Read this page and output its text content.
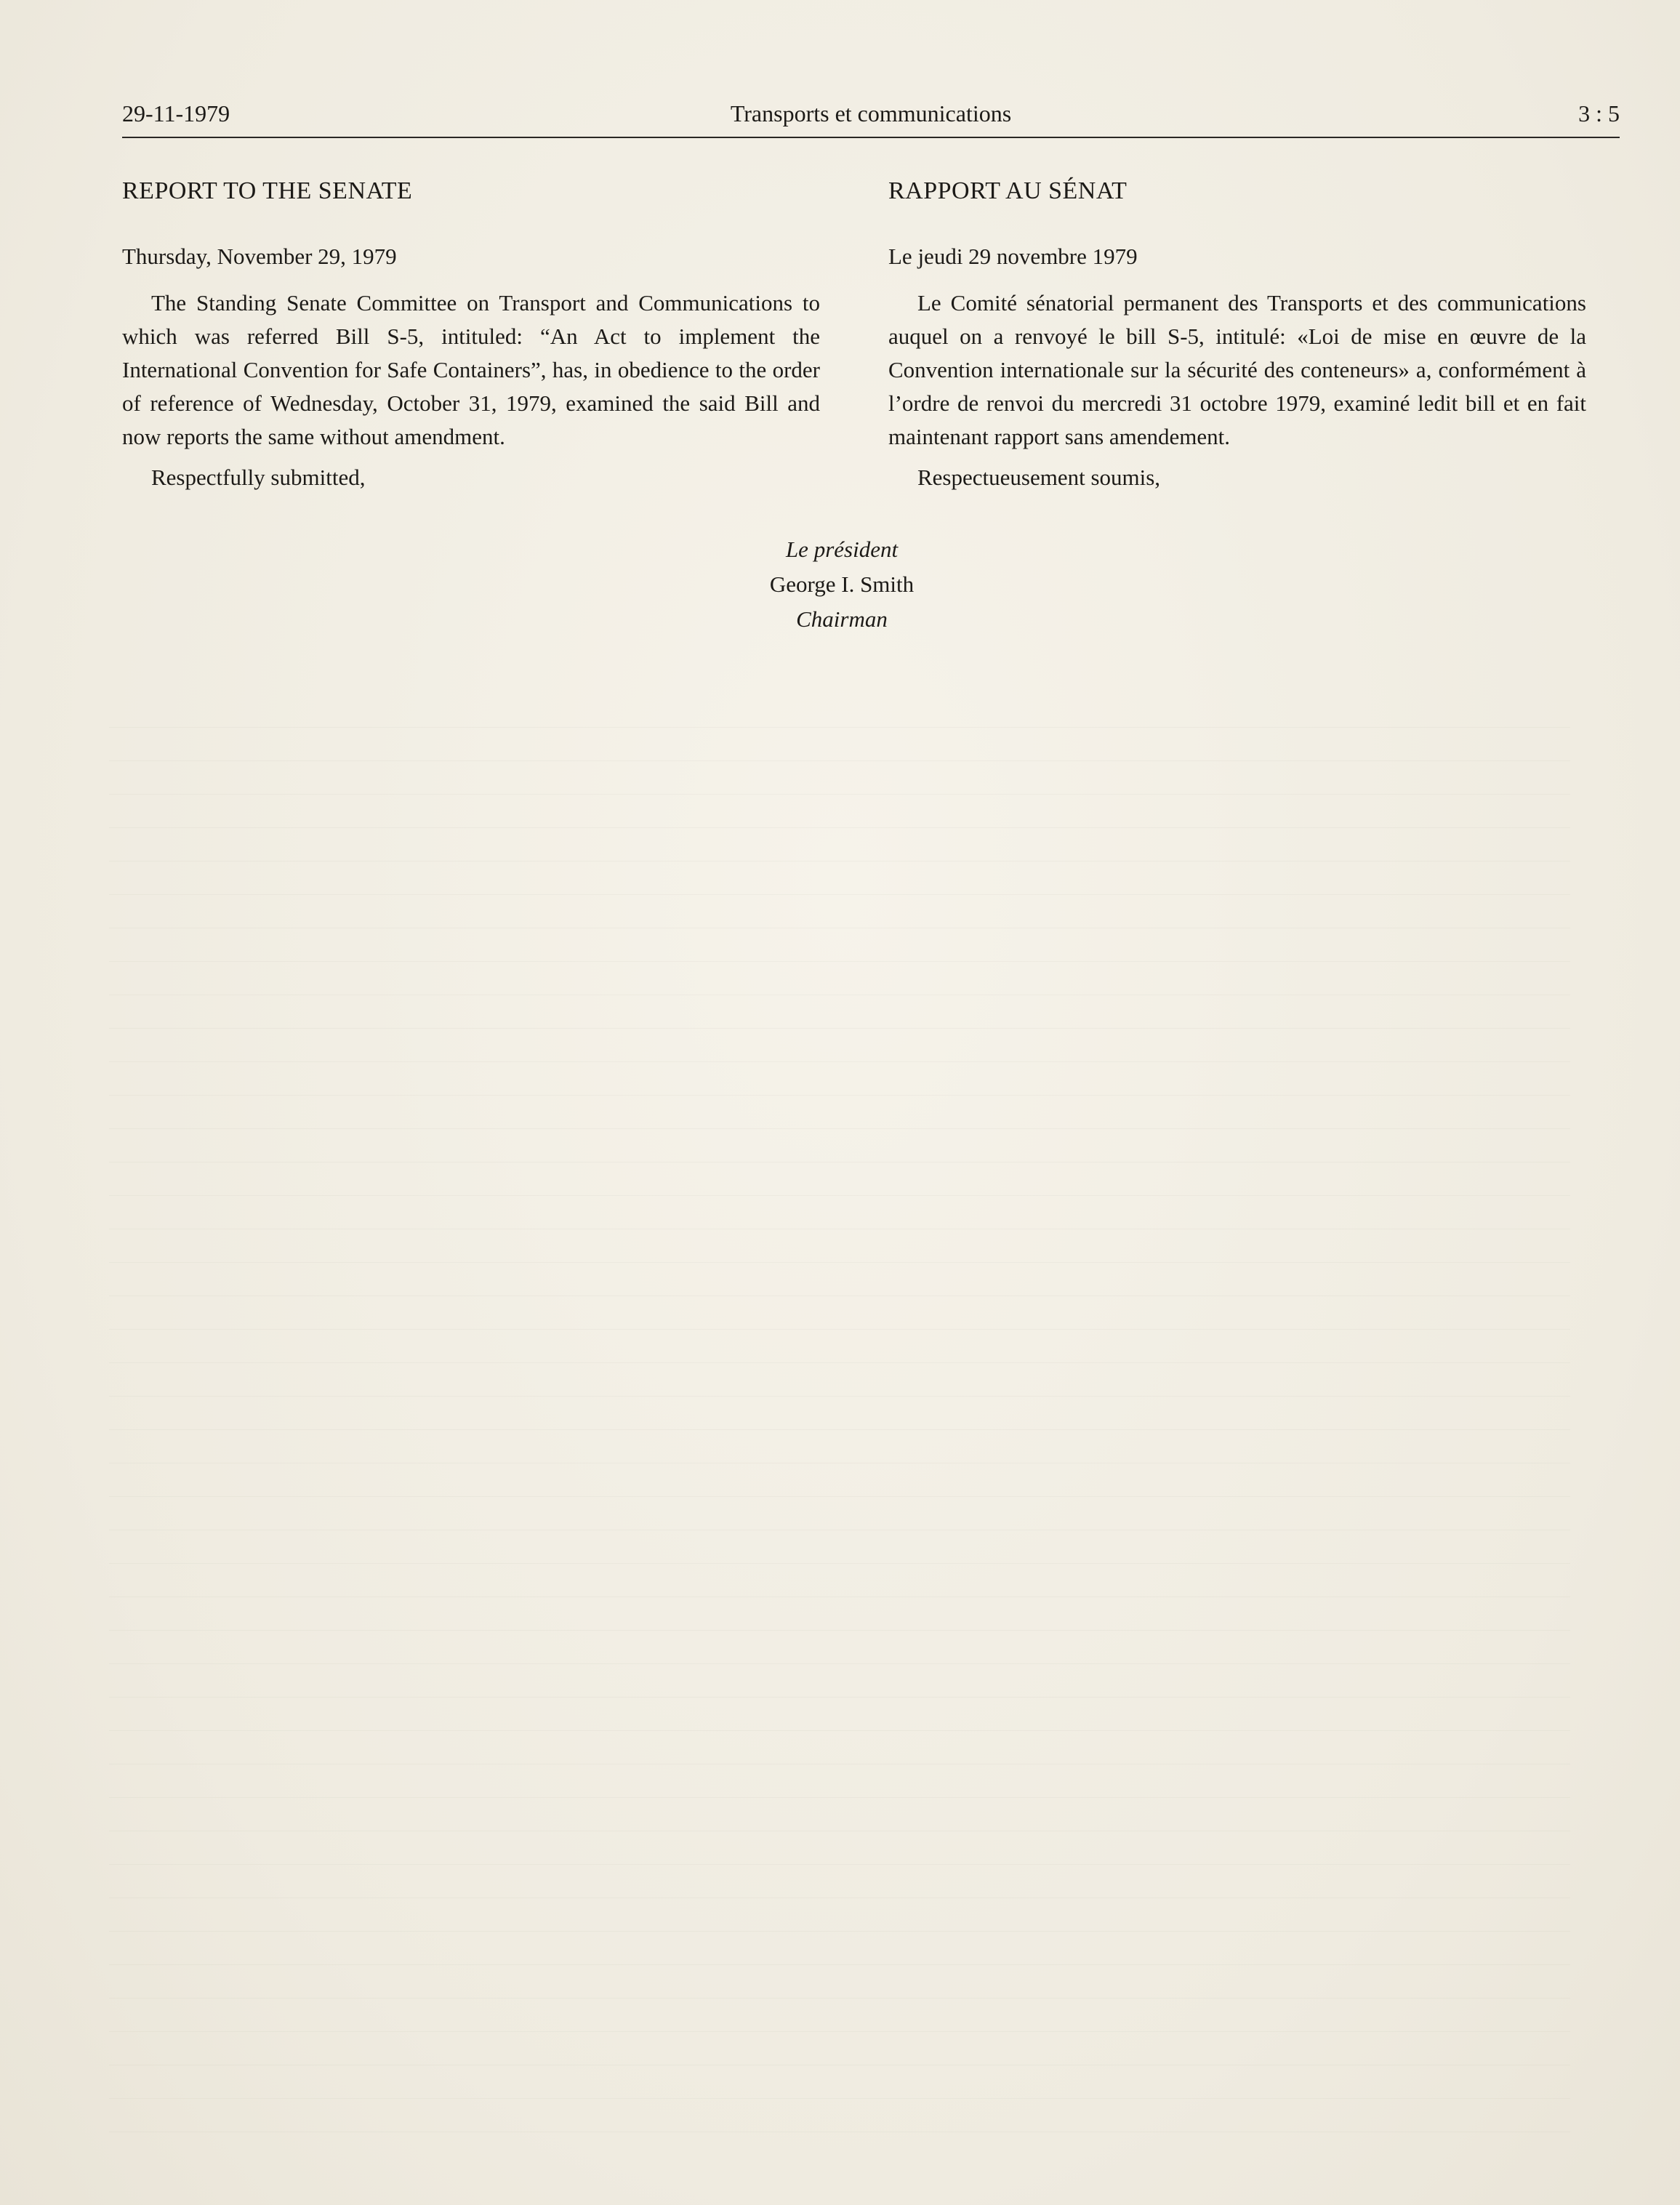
29-11-1979	Transports et communications	3 : 5
REPORT TO THE SENATE
Thursday, November 29, 1979

The Standing Senate Committee on Transport and Communications to which was referred Bill S-5, intituled: “An Act to implement the International Convention for Safe Containers”, has, in obedience to the order of reference of Wednesday, October 31, 1979, examined the said Bill and now reports the same without amendment.

Respectfully submitted,
RAPPORT AU SÉNAT
Le jeudi 29 novembre 1979

Le Comité sénatorial permanent des Transports et des communications auquel on a renvoyé le bill S-5, intitulé: «Loi de mise en œuvre de la Convention internationale sur la sécurité des conteneurs» a, conformément à l’ordre de renvoi du mercredi 31 octobre 1979, examiné ledit bill et en fait maintenant rapport sans amendement.

Respectueusement soumis,
Le président
George I. Smith
Chairman
